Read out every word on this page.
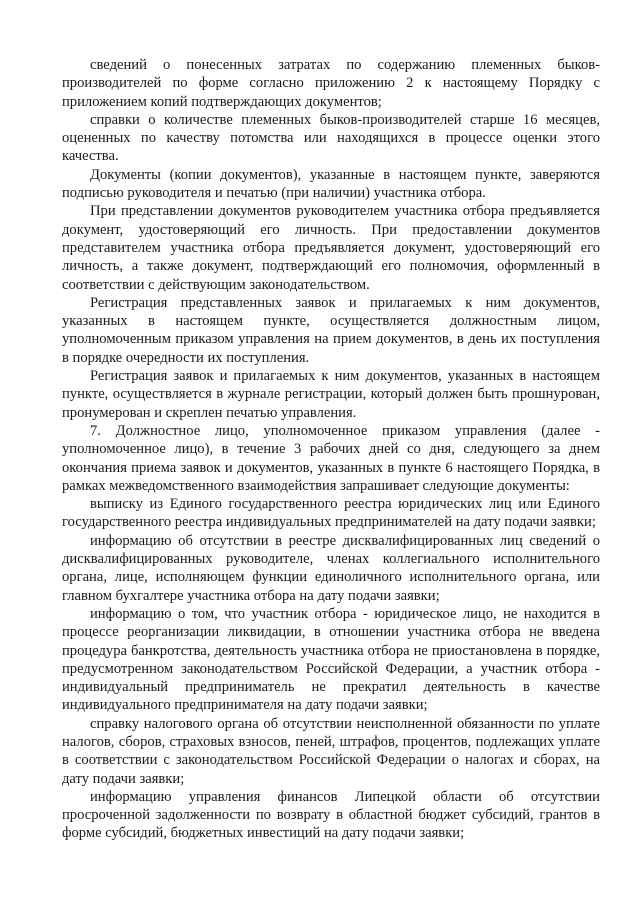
сведений о понесенных затратах по содержанию племенных быков-производителей по форме согласно приложению 2 к настоящему Порядку с приложением копий подтверждающих документов;

справки о количестве племенных быков-производителей старше 16 месяцев, оцененных по качеству потомства или находящихся в процессе оценки этого качества.

Документы (копии документов), указанные в настоящем пункте, заверяются подписью руководителя и печатью (при наличии) участника отбора.

При представлении документов руководителем участника отбора предъявляется документ, удостоверяющий его личность. При предоставлении документов представителем участника отбора предъявляется документ, удостоверяющий его личность, а также документ, подтверждающий его полномочия, оформленный в соответствии с действующим законодательством.

Регистрация представленных заявок и прилагаемых к ним документов, указанных в настоящем пункте, осуществляется должностным лицом, уполномоченным приказом управления на прием документов, в день их поступления в порядке очередности их поступления.

Регистрация заявок и прилагаемых к ним документов, указанных в настоящем пункте, осуществляется в журнале регистрации, который должен быть прошнурован, пронумерован и скреплен печатью управления.

7. Должностное лицо, уполномоченное приказом управления (далее - уполномоченное лицо), в течение 3 рабочих дней со дня, следующего за днем окончания приема заявок и документов, указанных в пункте 6 настоящего Порядка, в рамках межведомственного взаимодействия запрашивает следующие документы:

выписку из Единого государственного реестра юридических лиц или Единого государственного реестра индивидуальных предпринимателей на дату подачи заявки;

информацию об отсутствии в реестре дисквалифицированных лиц сведений о дисквалифицированных руководителе, членах коллегиального исполнительного органа, лице, исполняющем функции единоличного исполнительного органа, или главном бухгалтере участника отбора на дату подачи заявки;

информацию о том, что участник отбора - юридическое лицо, не находится в процессе реорганизации ликвидации, в отношении участника отбора не введена процедура банкротства, деятельность участника отбора не приостановлена в порядке, предусмотренном законодательством Российской Федерации, а участник отбора - индивидуальный предприниматель не прекратил деятельность в качестве индивидуального предпринимателя на дату подачи заявки;

справку налогового органа об отсутствии неисполненной обязанности по уплате налогов, сборов, страховых взносов, пеней, штрафов, процентов, подлежащих уплате в соответствии с законодательством Российской Федерации о налогах и сборах, на дату подачи заявки;

информацию управления финансов Липецкой области об отсутствии просроченной задолженности по возврату в областной бюджет субсидий, грантов в форме субсидий, бюджетных инвестиций на дату подачи заявки;
